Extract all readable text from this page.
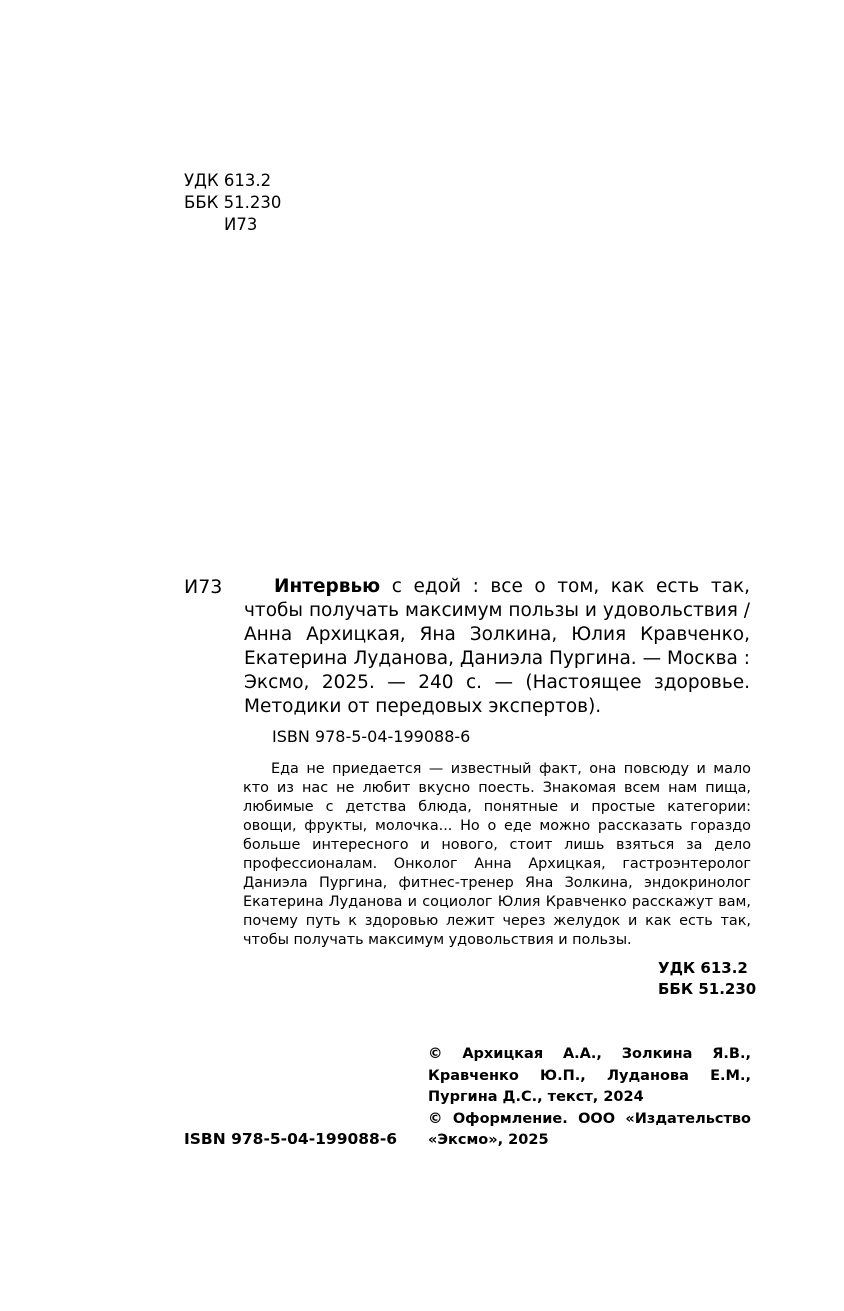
УДК 613.2
ББК 51.230
И73
И73	Интервью с едой : все о том, как есть так, чтобы получать максимум пользы и удовольствия / Анна Архицкая, Яна Золкина, Юлия Кравченко, Екатерина Луданова, Даниэла Пургина. — Москва : Эксмо, 2025. — 240 с. — (Настоящее здоровье. Методики от передовых экспертов).
ISBN 978-5-04-199088-6
Еда не приедается — известный факт, она повсюду и мало кто из нас не любит вкусно поесть. Знакомая всем нам пища, любимые с детства блюда, понятные и простые категории: овощи, фрукты, молочка... Но о еде можно рассказать гораздо больше интересного и нового, стоит лишь взяться за дело профессионалам. Онколог Анна Архицкая, гастроэнтеролог Даниэла Пургина, фитнес-тренер Яна Золкина, эндокринолог Екатерина Луданова и социолог Юлия Кравченко расскажут вам, почему путь к здоровью лежит через желудок и как есть так, чтобы получать максимум удовольствия и пользы.
УДК 613.2
ББК 51.230

© Архицкая А.А., Золкина Я.В., Кравченко Ю.П., Луданова Е.М., Пургина Д.С., текст, 2024

© Оформление. ООО «Издательство «Эксмо», 2025

ISBN 978-5-04-199088-6
